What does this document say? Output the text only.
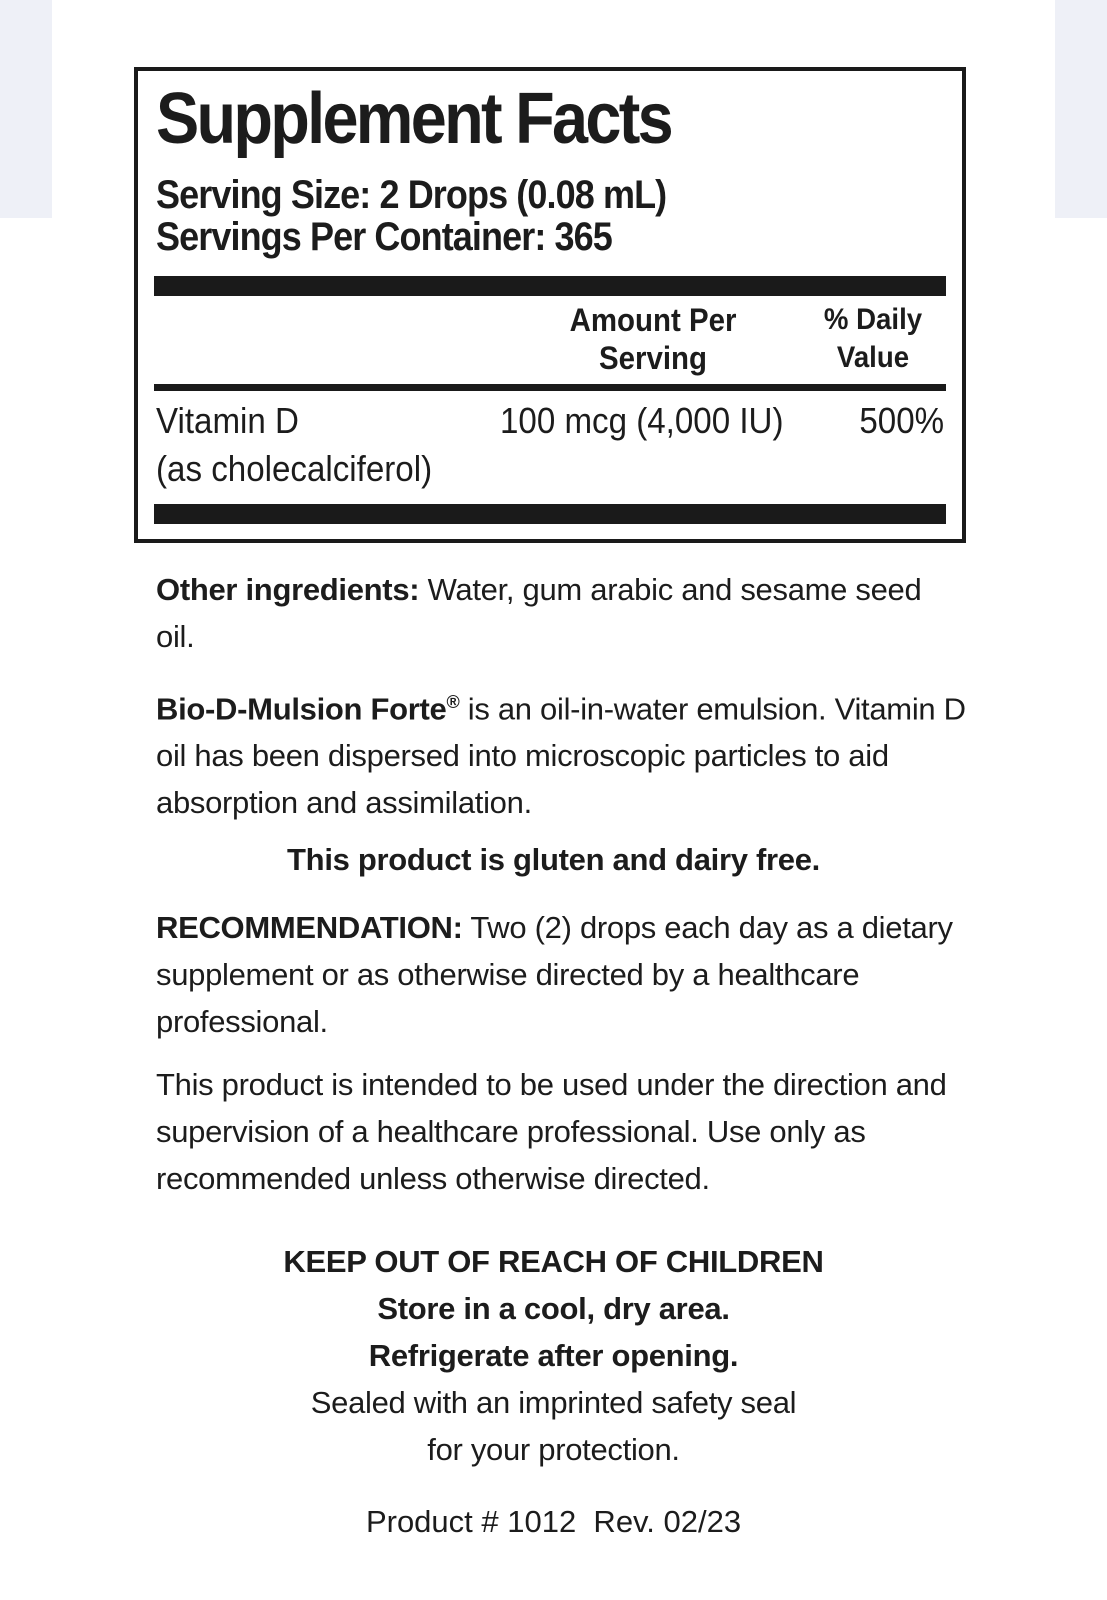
Supplement Facts
Serving Size: 2 Drops (0.08 mL)
Servings Per Container: 365
Amount Per
Serving
% Daily
Value
Vitamin D
(as cholecalciferol)
100 mcg (4,000 IU) 500%
Other ingredients: Water, gum arabic and sesame seed oil.
Bio-D-Mulsion Forte® is an oil-in-water emulsion. Vitamin D oil has been dispersed into microscopic particles to aid absorption and assimilation.
This product is gluten and dairy free.
RECOMMENDATION: Two (2) drops each day as a dietary supplement or as otherwise directed by a healthcare professional.
This product is intended to be used under the direction and supervision of a healthcare professional. Use only as recommended unless otherwise directed.
KEEP OUT OF REACH OF CHILDREN
Store in a cool, dry area.
Refrigerate after opening.
Sealed with an imprinted safety seal
for your protection.
Product # 1012  Rev. 02/23
